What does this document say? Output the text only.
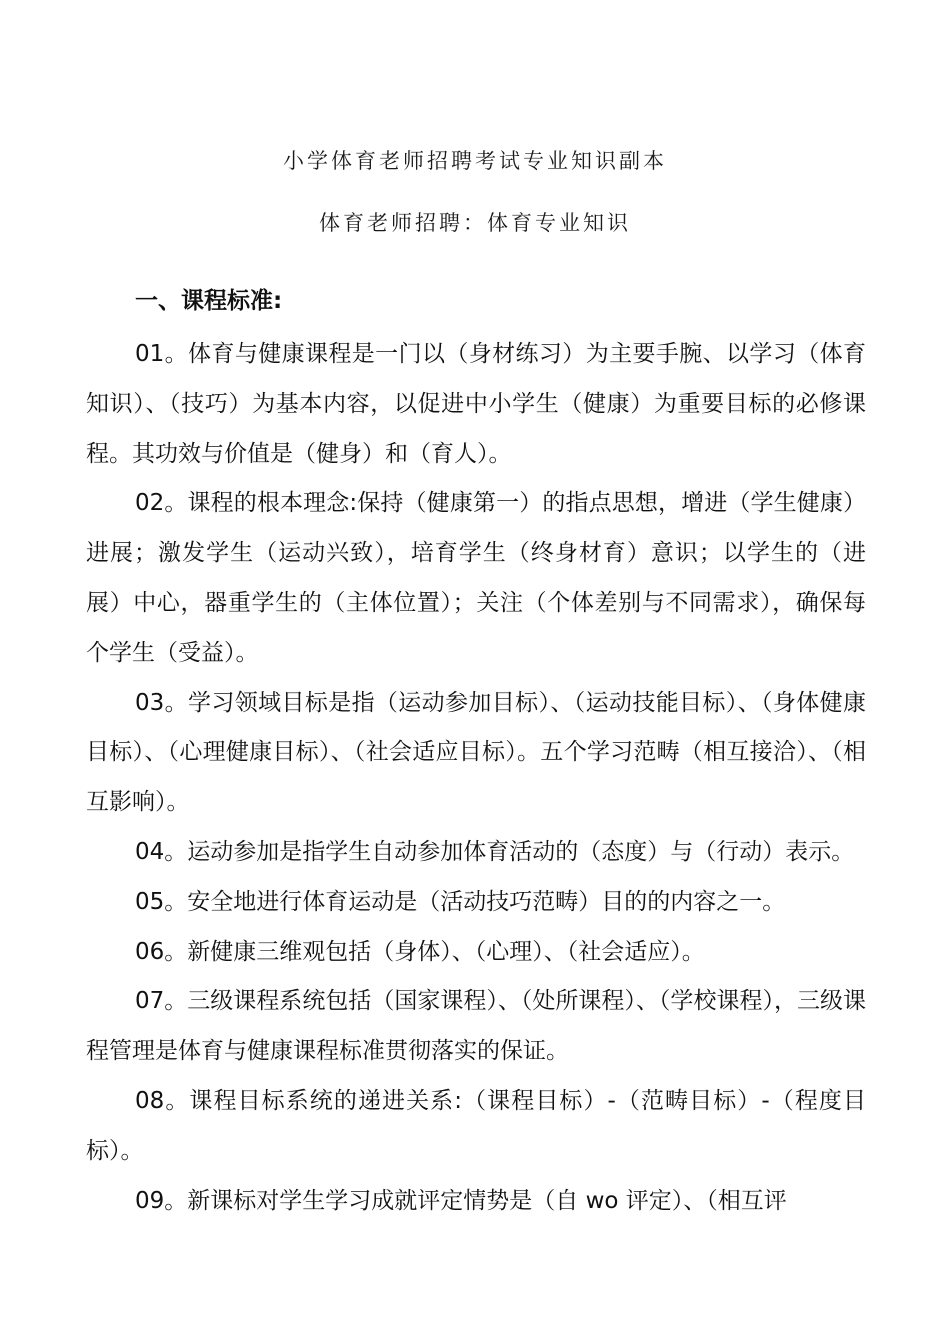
小学体育老师招聘考试专业知识副本
体育老师招聘：体育专业知识
一、课程标准:

01。体育与健康课程是一门以（身材练习）为主要手腕、以学习（体育知识）、（技巧）为基本内容，以促进中小学生（健康）为重要目标的必修课程。其功效与价值是（健身）和（育人）。

02。课程的根本理念:保持（健康第一）的指点思想，增进（学生健康）进展；激发学生（运动兴致），培育学生（终身材育）意识；以学生的（进展）中心，器重学生的（主体位置）；关注（个体差别与不同需求），确保每个学生（受益）。

03。学习领域目标是指（运动参加目标）、（运动技能目标）、（身体健康目标）、（心理健康目标）、（社会适应目标）。五个学习范畴（相互接洽）、（相互影响）。

04。运动参加是指学生自动参加体育活动的（态度）与（行动）表示。

05。安全地进行体育运动是（活动技巧范畴）目的的内容之一。

06。新健康三维观包括（身体）、（心理）、（社会适应）。

07。三级课程系统包括（国家课程）、（处所课程）、（学校课程），三级课程管理是体育与健康课程标准贯彻落实的保证。

08。课程目标系统的递进关系:（课程目标）-（范畴目标）-（程度目标）。

09。新课标对学生学习成就评定情势是（自 wo 评定）、（相互评
